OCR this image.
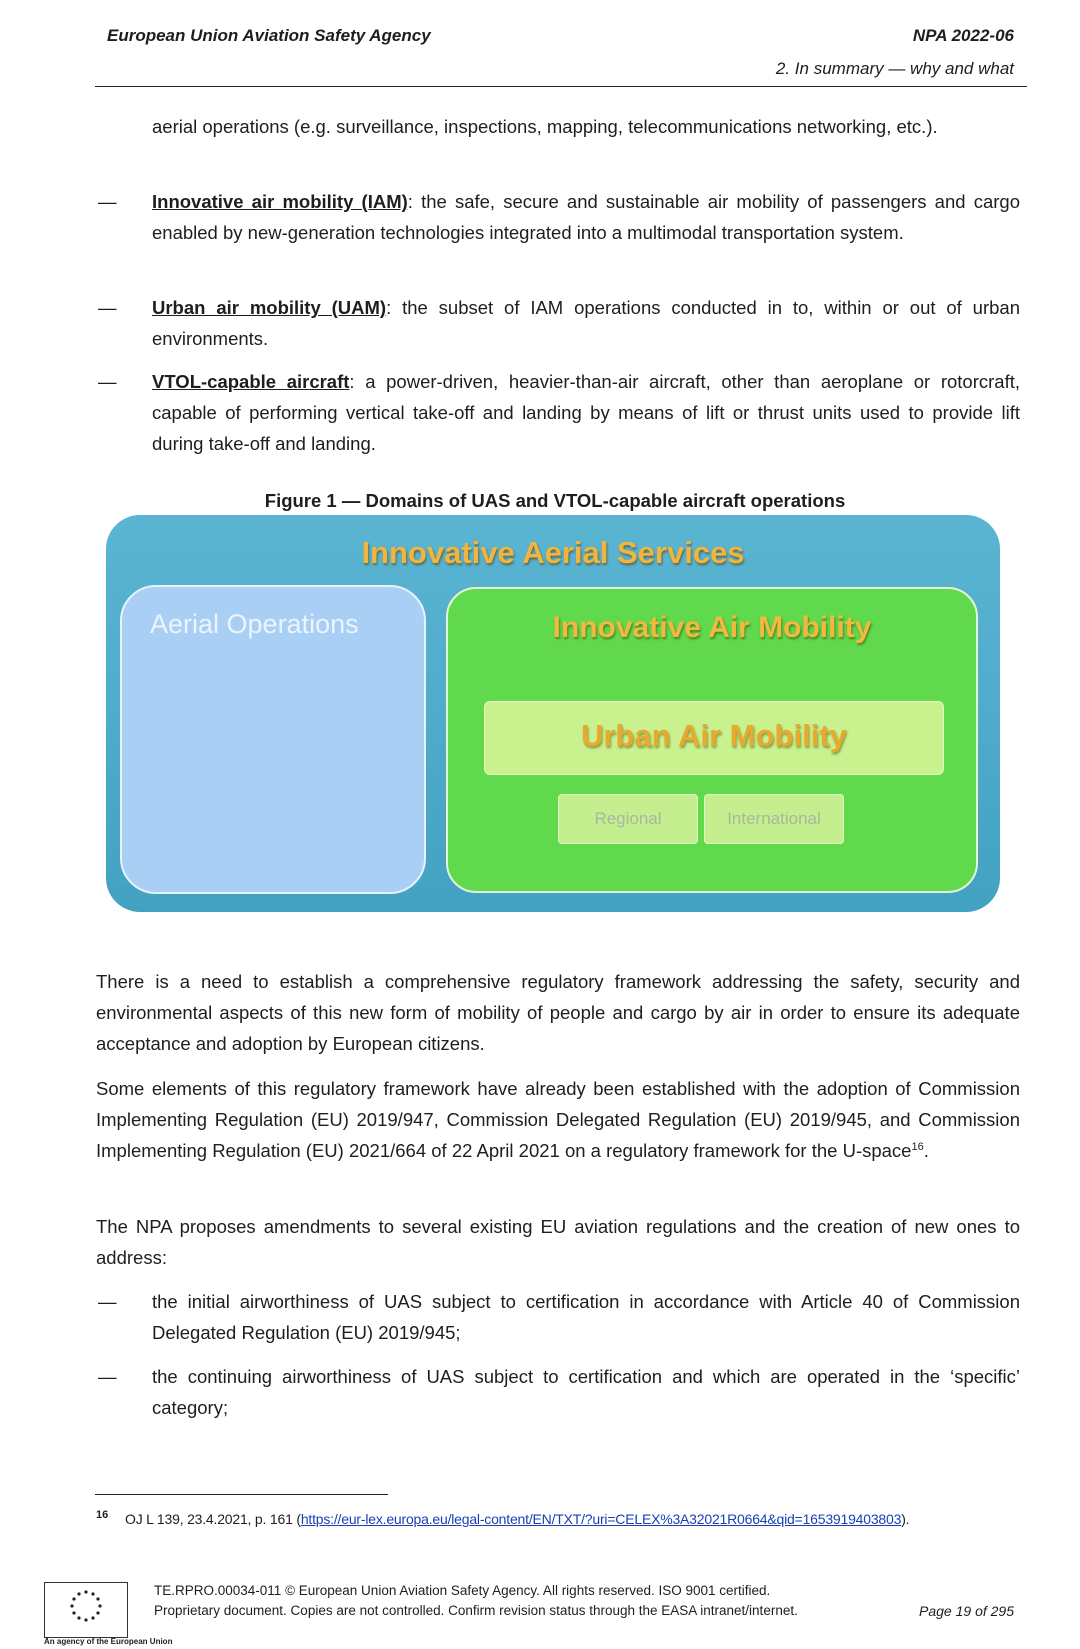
European Union Aviation Safety Agency	NPA 2022-06
2. In summary — why and what
aerial operations (e.g. surveillance, inspections, mapping, telecommunications networking, etc.).
— Innovative air mobility (IAM): the safe, secure and sustainable air mobility of passengers and cargo enabled by new-generation technologies integrated into a multimodal transportation system.
— Urban air mobility (UAM): the subset of IAM operations conducted in to, within or out of urban environments.
— VTOL-capable aircraft: a power-driven, heavier-than-air aircraft, other than aeroplane or rotorcraft, capable of performing vertical take-off and landing by means of lift or thrust units used to provide lift during take-off and landing.
Figure 1 — Domains of UAS and VTOL-capable aircraft operations
Innovative Aerial Services
Aerial Operations	Innovative Air Mobility
Urban Air Mobility
Regional	International
There is a need to establish a comprehensive regulatory framework addressing the safety, security and environmental aspects of this new form of mobility of people and cargo by air in order to ensure its adequate acceptance and adoption by European citizens.
Some elements of this regulatory framework have already been established with the adoption of Commission Implementing Regulation (EU) 2019/947, Commission Delegated Regulation (EU) 2019/945, and Commission Implementing Regulation (EU) 2021/664 of 22 April 2021 on a regulatory framework for the U-space$^{16}$.
The NPA proposes amendments to several existing EU aviation regulations and the creation of new ones to address:
— the initial airworthiness of UAS subject to certification in accordance with Article 40 of Commission Delegated Regulation (EU) 2019/945;
— the continuing airworthiness of UAS subject to certification and which are operated in the ‘specific’ category;
16 OJ L 139, 23.4.2021, p. 161 (https://eur-lex.europa.eu/legal-content/EN/TXT/?uri=CELEX%3A32021R0664&qid=1653919403803).
An agency of the European Union
TE.RPRO.00034-011 © European Union Aviation Safety Agency. All rights reserved. ISO 9001 certified.
Proprietary document. Copies are not controlled. Confirm revision status through the EASA intranet/internet.	Page 19 of 295
